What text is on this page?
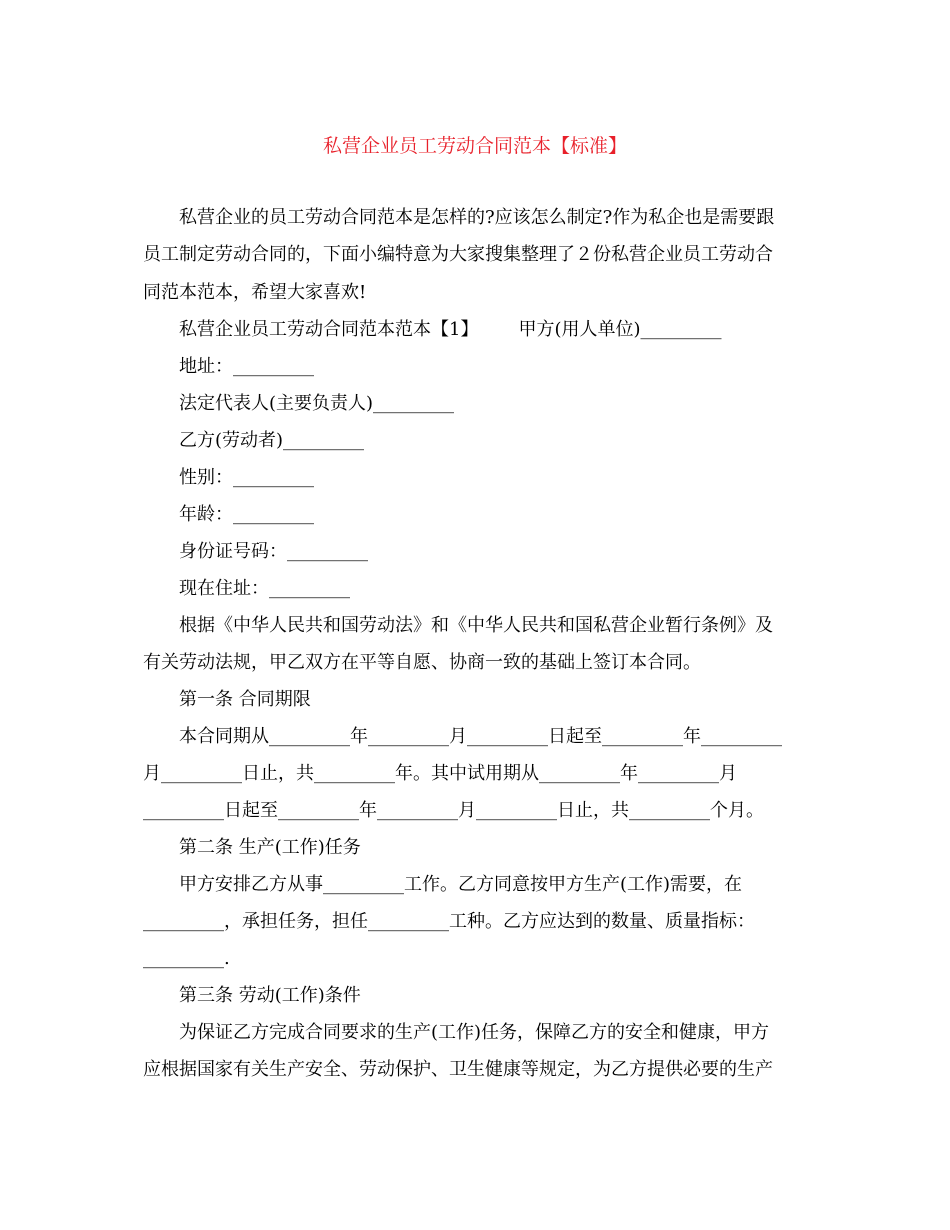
私营企业员工劳动合同范本【标准】
私营企业的员工劳动合同范本是怎样的?应该怎么制定?作为私企也是需要跟
员工制定劳动合同的，下面小编特意为大家搜集整理了２份私营企业员工劳动合
同范本范本，希望大家喜欢!
私营企业员工劳动合同范本范本【1】 甲方(用人单位)_________
地址：_________
法定代表人(主要负责人)_________
乙方(劳动者)_________
性别：_________
年龄：_________
身份证号码：_________
现在住址：_________
根据《中华人民共和国劳动法》和《中华人民共和国私营企业暂行条例》及
有关劳动法规，甲乙双方在平等自愿、协商一致的基础上签订本合同。
第一条 合同期限
本合同期从_________年_________月_________日起至_________年_________
月_________日止，共_________年。其中试用期从_________年_________月
_________日起至_________年_________月_________日止，共_________个月。
第二条 生产(工作)任务
甲方安排乙方从事_________工作。乙方同意按甲方生产(工作)需要，在
_________，承担任务，担任_________工种。乙方应达到的数量、质量指标：
_________.
第三条 劳动(工作)条件
为保证乙方完成合同要求的生产(工作)任务，保障乙方的安全和健康，甲方
应根据国家有关生产安全、劳动保护、卫生健康等规定，为乙方提供必要的生产
